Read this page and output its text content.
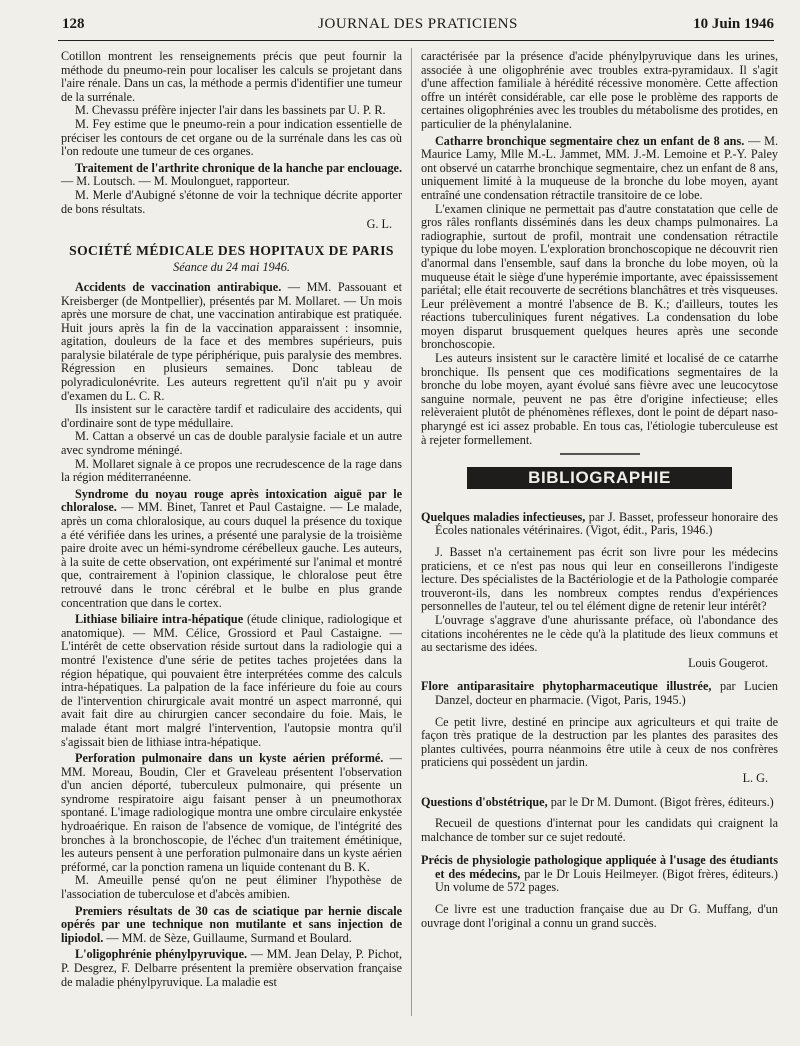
128	JOURNAL DES PRATICIENS	10 Juin 1946

Cotillon montrent les renseignements précis que peut fournir la méthode du pneumo-rein pour localiser les calculs se projetant dans l'aire rénale. Dans un cas, la méthode a permis d'identifier une tumeur de la surrénale.

M. Chevassu préfère injecter l'air dans les bassinets par U. P. R.

M. Fey estime que le pneumo-rein a pour indication essentielle de préciser les contours de cet organe ou de la surrénale dans les cas où l'on redoute une tumeur de ces organes.

Traitement de l'arthrite chronique de la hanche par enclouage. — M. Loutsch. — M. Moulonguet, rapporteur.

M. Merle d'Aubigné s'étonne de voir la technique décrite apporter de bons résultats.

G. L.
SOCIÉTÉ MÉDICALE DES HOPITAUX DE PARIS
Séance du 24 mai 1946.

Accidents de vaccination antirabique. — MM. Passouant et Kreisberger (de Montpellier), présentés par M. Mollaret. — Un mois après une morsure de chat, une vaccination antirabique est pratiquée. Huit jours après la fin de la vaccination apparaissent : insomnie, agitation, douleurs de la face et des membres supérieurs, puis paralysie bilatérale de type périphérique, puis paralysie des membres. Régression en plusieurs semaines. Donc tableau de polyradiculonévrite. Les auteurs regrettent qu'il n'ait pu y avoir d'examen du L. C. R.

Ils insistent sur le caractère tardif et radiculaire des accidents, qui d'ordinaire sont de type médullaire.

M. Cattan a observé un cas de double paralysie faciale et un autre avec syndrome méningé.

M. Mollaret signale à ce propos une recrudescence de la rage dans la région méditerranéenne.

Syndrome du noyau rouge après intoxication aiguë par le chloralose. — MM. Binet, Tanret et Paul Castaigne. — Le malade, après un coma chloralosique, au cours duquel la présence du toxique a été vérifiée dans les urines, a présenté une paralysie de la troisième paire droite avec un hémi-syndrome cérébelleux gauche. Les auteurs, à la suite de cette observation, ont expérimenté sur l'animal et montré que, contrairement à l'opinion classique, le chloralose peut être retrouvé dans le tronc cérébral et le bulbe en plus grande concentration que dans le cortex.

Lithiase biliaire intra-hépatique (étude clinique, radiologique et anatomique). — MM. Célice, Grossiord et Paul Castaigne. — L'intérêt de cette observation réside surtout dans la radiologie qui a montré l'existence d'une série de petites taches projetées dans la région hépatique, qui pouvaient être interprétées comme des calculs intra-hépatiques. La palpation de la face inférieure du foie au cours de l'intervention chirurgicale avait montré un aspect marronné, qui avait fait dire au chirurgien cancer secondaire du foie. Mais, le malade étant mort malgré l'intervention, l'autopsie montra qu'il s'agissait bien de lithiase intra-hépatique.

Perforation pulmonaire dans un kyste aérien préformé. — MM. Moreau, Boudin, Cler et Graveleau présentent l'observation d'un ancien déporté, tuberculeux pulmonaire, qui présente un syndrome respiratoire aigu faisant penser à un pneumothorax spontané. L'image radiologique montra une ombre circulaire enkystée hydroaérique. En raison de l'absence de vomique, de l'intégrité des bronches à la bronchoscopie, de l'échec d'un traitement émétinique, les auteurs pensent à une perforation pulmonaire dans un kyste aérien préformé, car la ponction ramena un liquide contenant du B. K.

M. Ameuille pensé qu'on ne peut éliminer l'hypothèse de l'association de tuberculose et d'abcès amibien.

Premiers résultats de 30 cas de sciatique par hernie discale opérés par une technique non mutilante et sans injection de lipiodol. — MM. de Sèze, Guillaume, Surmand et Boulard.

L'oligophrénie phénylpyruvique. — MM. Jean Delay, P. Pichot, P. Desgrez, F. Delbarre présentent la première observation française de maladie phénylpyruvique. La maladie est

caractérisée par la présence d'acide phénylpyruvique dans les urines, associée à une oligophrénie avec troubles extra-pyramidaux. Il s'agit d'une affection familiale à hérédité récessive monomère. Cette affection offre un intérêt considérable, car elle pose le problème des rapports de certaines oligophrénies avec les troubles du métabolisme des protides, en particulier de la phénylalanine.

Catharre bronchique segmentaire chez un enfant de 8 ans. — M. Maurice Lamy, Mlle M.-L. Jammet, MM. J.-M. Lemoine et P.-Y. Paley ont observé un catarrhe bronchique segmentaire, chez un enfant de 8 ans, uniquement limité à la muqueuse de la bronche du lobe moyen, ayant entraîné une condensation rétractile transitoire de ce lobe.

L'examen clinique ne permettait pas d'autre constatation que celle de gros râles ronflants disséminés dans les deux champs pulmonaires. La radiographie, surtout de profil, montrait une condensation rétractile typique du lobe moyen. L'exploration bronchoscopique ne découvrit rien d'anormal dans l'ensemble, sauf dans la bronche du lobe moyen, où la muqueuse était le siège d'une hyperémie importante, avec épaississement pariétal; elle était recouverte de secrétions blanchâtres et très visqueuses. Leur prélèvement a montré l'absence de B. K.; d'ailleurs, toutes les réactions tuberculiniques furent négatives. La condensation du lobe moyen disparut brusquement quelques heures après une seconde bronchoscopie.

Les auteurs insistent sur le caractère limité et localisé de ce catarrhe bronchique. Ils pensent que ces modifications segmentaires de la bronche du lobe moyen, ayant évolué sans fièvre avec une leucocytose sanguine normale, peuvent ne pas être d'origine infectieuse; elles relèveraient plutôt de phénomènes réflexes, dont le point de départ naso-pharyngé est ici assez probable. En tous cas, l'étiologie tuberculeuse est à rejeter formellement.

BIBLIOGRAPHIE

Quelques maladies infectieuses, par J. Basset, professeur honoraire des Écoles nationales vétérinaires. (Vigot, édit., Paris, 1946.)

J. Basset n'a certainement pas écrit son livre pour les médecins praticiens, et ce n'est pas nous qui leur en conseillerons l'indigeste lecture. Des spécialistes de la Bactériologie et de la Pathologie comparée trouveront-ils, dans les nombreux comptes rendus d'expériences personnelles de l'auteur, tel ou tel élément digne de retenir leur intérêt?

L'ouvrage s'aggrave d'une ahurissante préface, où l'abondance des citations incohérentes ne le cède qu'à la platitude des lieux communs et au sectarisme des idées.

Louis Gougerot.

Flore antiparasitaire phytopharmaceutique illustrée, par Lucien Danzel, docteur en pharmacie. (Vigot, Paris, 1945.)

Ce petit livre, destiné en principe aux agriculteurs et qui traite de façon très pratique de la destruction par les plantes des parasites des plantes cultivées, pourra néanmoins être utile à ceux de nos confrères praticiens qui possèdent un jardin.

L. G.

Questions d'obstétrique, par le Dr M. Dumont. (Bigot frères, éditeurs.)

Recueil de questions d'internat pour les candidats qui craignent la malchance de tomber sur ce sujet redouté.

Précis de physiologie pathologique appliquée à l'usage des étudiants et des médecins, par le Dr Louis Heilmeyer. (Bigot frères, éditeurs.) Un volume de 572 pages.

Ce livre est une traduction française due au Dr G. Muffang, d'un ouvrage dont l'original a connu un grand succès.
